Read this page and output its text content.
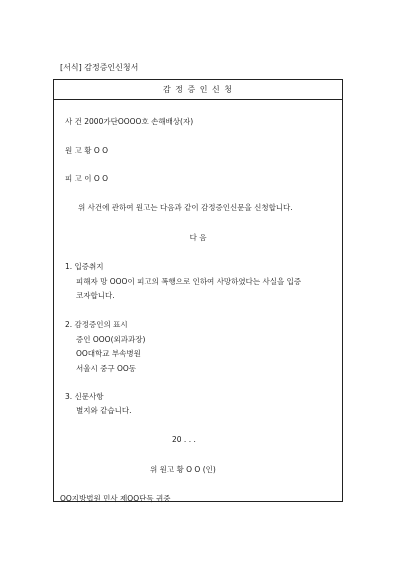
[서식] 감정증인신청서
감 정 증 인 신 청
사 건 2000가단OOOO호 손해배상(자)
원 고 황 O O
피 고 이 O O
위 사건에 관하여 원고는 다음과 같이 감정증인신문을 신청합니다.
다 음
1. 입증취지
피해자 망 OOO이 피고의 폭행으로 인하여 사망하였다는 사실을 입증
코자합니다.
2. 감정증인의 표시
증인 OOO(외과과장)
OO대학교 부속병원
서울시 중구 OO동
3. 신문사항
별지와 같습니다.
20 . . .
위 원고 황 O O (인)
OO지방법원 민사 제OO단독 귀중
